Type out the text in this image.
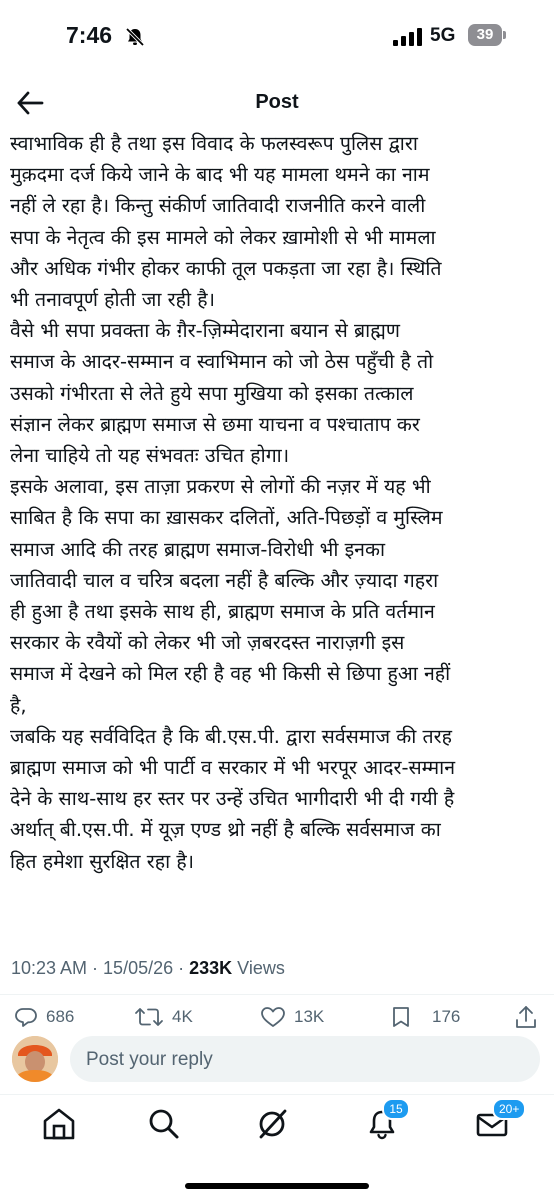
7:46	5G	39
Post

स्वाभाविक ही है तथा इस विवाद के फलस्वरूप पुलिस द्वारा
मुक़दमा दर्ज किये जाने के बाद भी यह मामला थमने का नाम
नहीं ले रहा है। किन्तु संकीर्ण जातिवादी राजनीति करने वाली
सपा के नेतृत्व की इस मामले को लेकर ख़ामोशी से भी मामला
और अधिक गंभीर होकर काफी तूल पकड़ता जा रहा है। स्थिति
भी तनावपूर्ण होती जा रही है।

वैसे भी सपा प्रवक्ता के ग़ैर-ज़िम्मेदाराना बयान से ब्राह्मण
समाज के आदर-सम्मान व स्वाभिमान को जो ठेस पहुँची है तो
उसको गंभीरता से लेते हुये सपा मुखिया को इसका तत्काल
संज्ञान लेकर ब्राह्मण समाज से छमा याचना व पश्चाताप कर
लेना चाहिये तो यह संभवतः उचित होगा।

इसके अलावा, इस ताज़ा प्रकरण से लोगों की नज़र में यह भी
साबित है कि सपा का ख़ासकर दलितों, अति-पिछड़ों व मुस्लिम
समाज आदि की तरह ब्राह्मण समाज-विरोधी भी इनका
जातिवादी चाल व चरित्र बदला नहीं है बल्कि और ज़्यादा गहरा
ही हुआ है तथा इसके साथ ही, ब्राह्मण समाज के प्रति वर्तमान
सरकार के रवैयों को लेकर भी जो ज़बरदस्त नाराज़गी इस
समाज में देखने को मिल रही है वह भी किसी से छिपा हुआ नहीं
है,

जबकि यह सर्वविदित है कि बी.एस.पी. द्वारा सर्वसमाज की तरह
ब्राह्मण समाज को भी पार्टी व सरकार में भी भरपूर आदर-सम्मान
देने के साथ-साथ हर स्तर पर उन्हें उचित भागीदारी भी दी गयी है
अर्थात् बी.एस.पी. में यूज़ एण्ड थ्रो नहीं है बल्कि सर्वसमाज का
हित हमेशा सुरक्षित रहा है।

10:23 AM · 15/05/26 · 233K Views
686	4K	13K	176
Post your reply
15	20+
